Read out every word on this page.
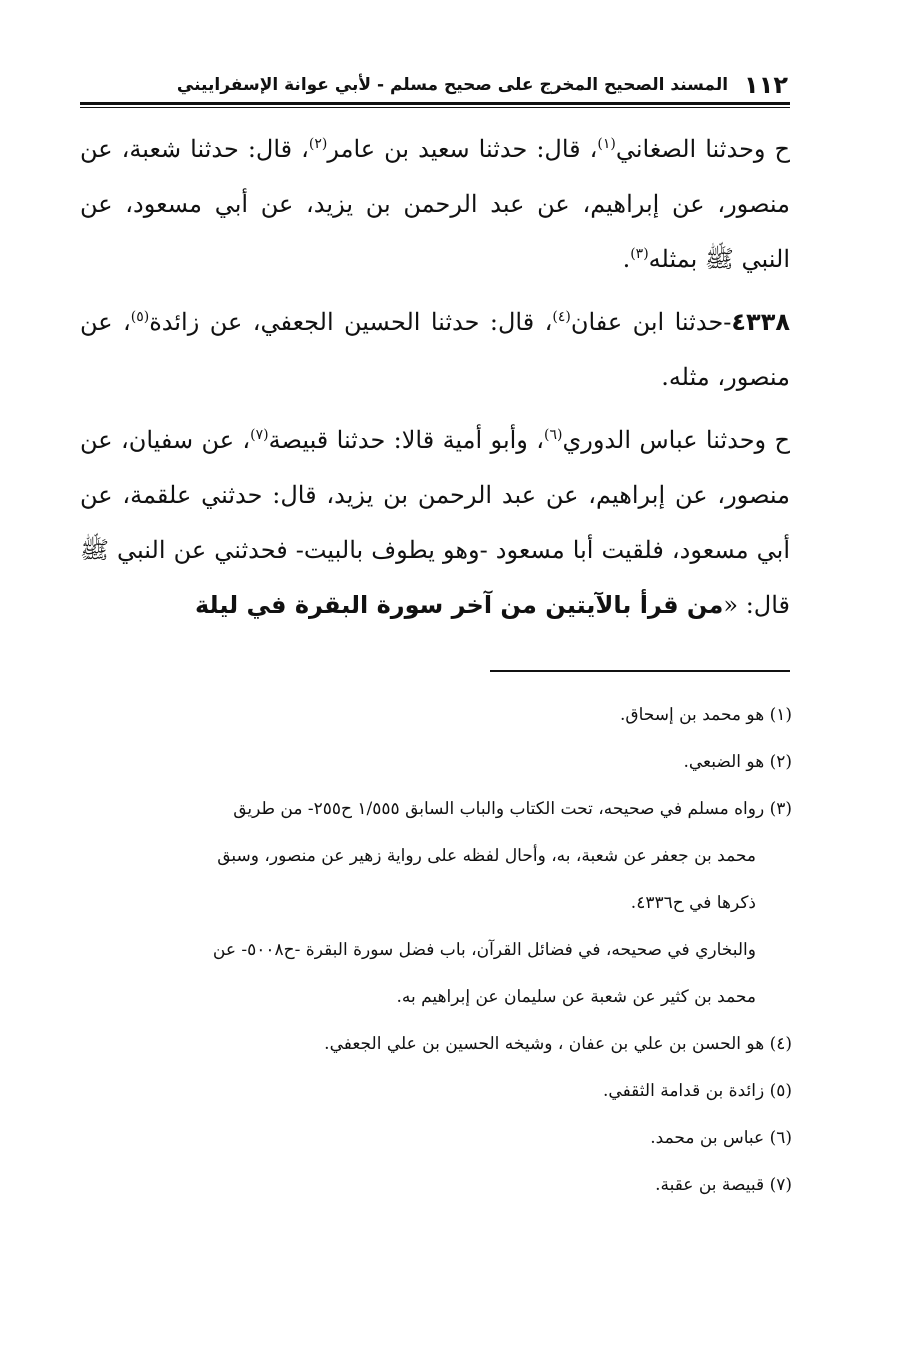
١١٢
المسند الصحيح المخرج على صحيح مسلم - لأبي عوانة الإسفراييني

ح وحدثنا الصغاني$^{(١)}$، قال: حدثنا سعيد بن عامر$^{(٢)}$، قال: حدثنا شعبة، عن منصور، عن إبراهيم، عن عبد الرحمن بن يزيد، عن أبي مسعود، عن النبي ﷺ بمثله$^{(٣)}$.

٤٣٣٨-حدثنا ابن عفان$^{(٤)}$، قال: حدثنا الحسين الجعفي، عن زائدة$^{(٥)}$، عن منصور، مثله.

ح وحدثنا عباس الدوري$^{(٦)}$، وأبو أمية قالا: حدثنا قبيصة$^{(٧)}$، عن سفيان، عن منصور، عن إبراهيم، عن عبد الرحمن بن يزيد، قال: حدثني علقمة، عن أبي مسعود، فلقيت أبا مسعود -وهو يطوف بالبيت- فحدثني عن النبي ﷺ قال: «من قرأ بالآيتين من آخر سورة البقرة في ليلة

(١) هو محمد بن إسحاق.

(٢) هو الضبعي.

(٣) رواه مسلم في صحيحه، تحت الكتاب والباب السابق ١/٥٥٥ ح٢٥٥- من طريق

محمد بن جعفر عن شعبة، به، وأحال لفظه على رواية زهير عن منصور، وسبق

ذكرها في ح٤٣٣٦.

والبخاري في صحيحه، في فضائل القرآن، باب فضل سورة البقرة -ح٥٠٠٨- عن

محمد بن كثير عن شعبة عن سليمان عن إبراهيم به.

(٤) هو الحسن بن علي بن عفان ، وشيخه الحسين بن علي الجعفي.

(٥) زائدة بن قدامة الثقفي.

(٦) عباس بن محمد.

(٧) قبيصة بن عقبة.
